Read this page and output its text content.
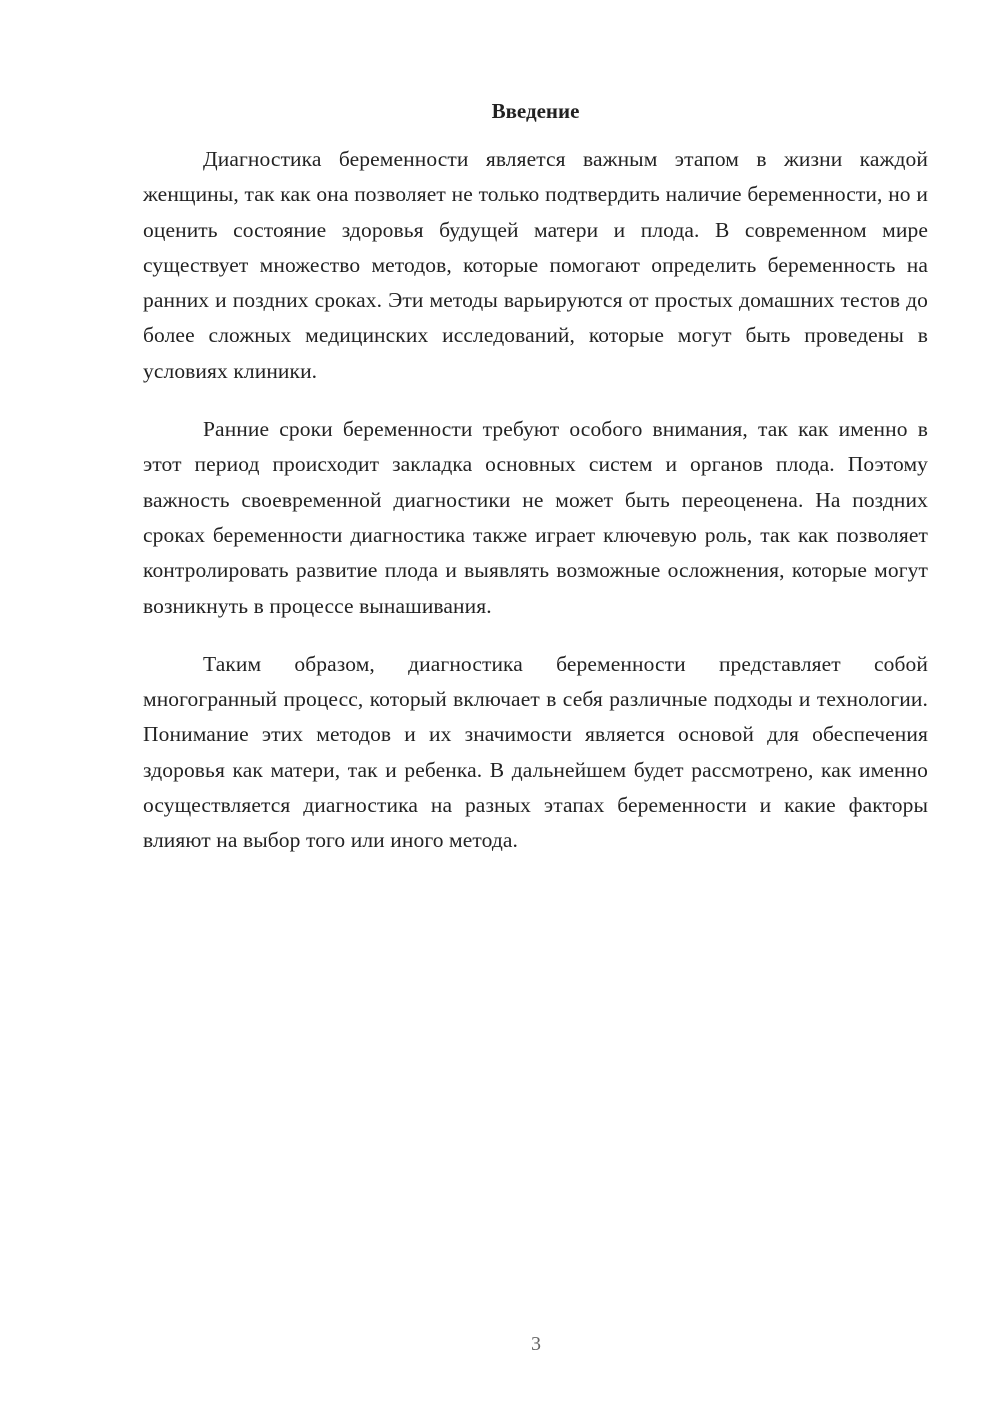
Введение

Диагностика беременности является важным этапом в жизни каждой женщины, так как она позволяет не только подтвердить наличие беременности, но и оценить состояние здоровья будущей матери и плода. В современном мире существует множество методов, которые помогают определить беременность на ранних и поздних сроках. Эти методы варьируются от простых домашних тестов до более сложных медицинских исследований, которые могут быть проведены в условиях клиники.

Ранние сроки беременности требуют особого внимания, так как именно в этот период происходит закладка основных систем и органов плода. Поэтому важность своевременной диагностики не может быть переоценена. На поздних сроках беременности диагностика также играет ключевую роль, так как позволяет контролировать развитие плода и выявлять возможные осложнения, которые могут возникнуть в процессе вынашивания.

Таким образом, диагностика беременности представляет собой многогранный процесс, который включает в себя различные подходы и технологии. Понимание этих методов и их значимости является основой для обеспечения здоровья как матери, так и ребенка. В дальнейшем будет рассмотрено, как именно осуществляется диагностика на разных этапах беременности и какие факторы влияют на выбор того или иного метода.

3
